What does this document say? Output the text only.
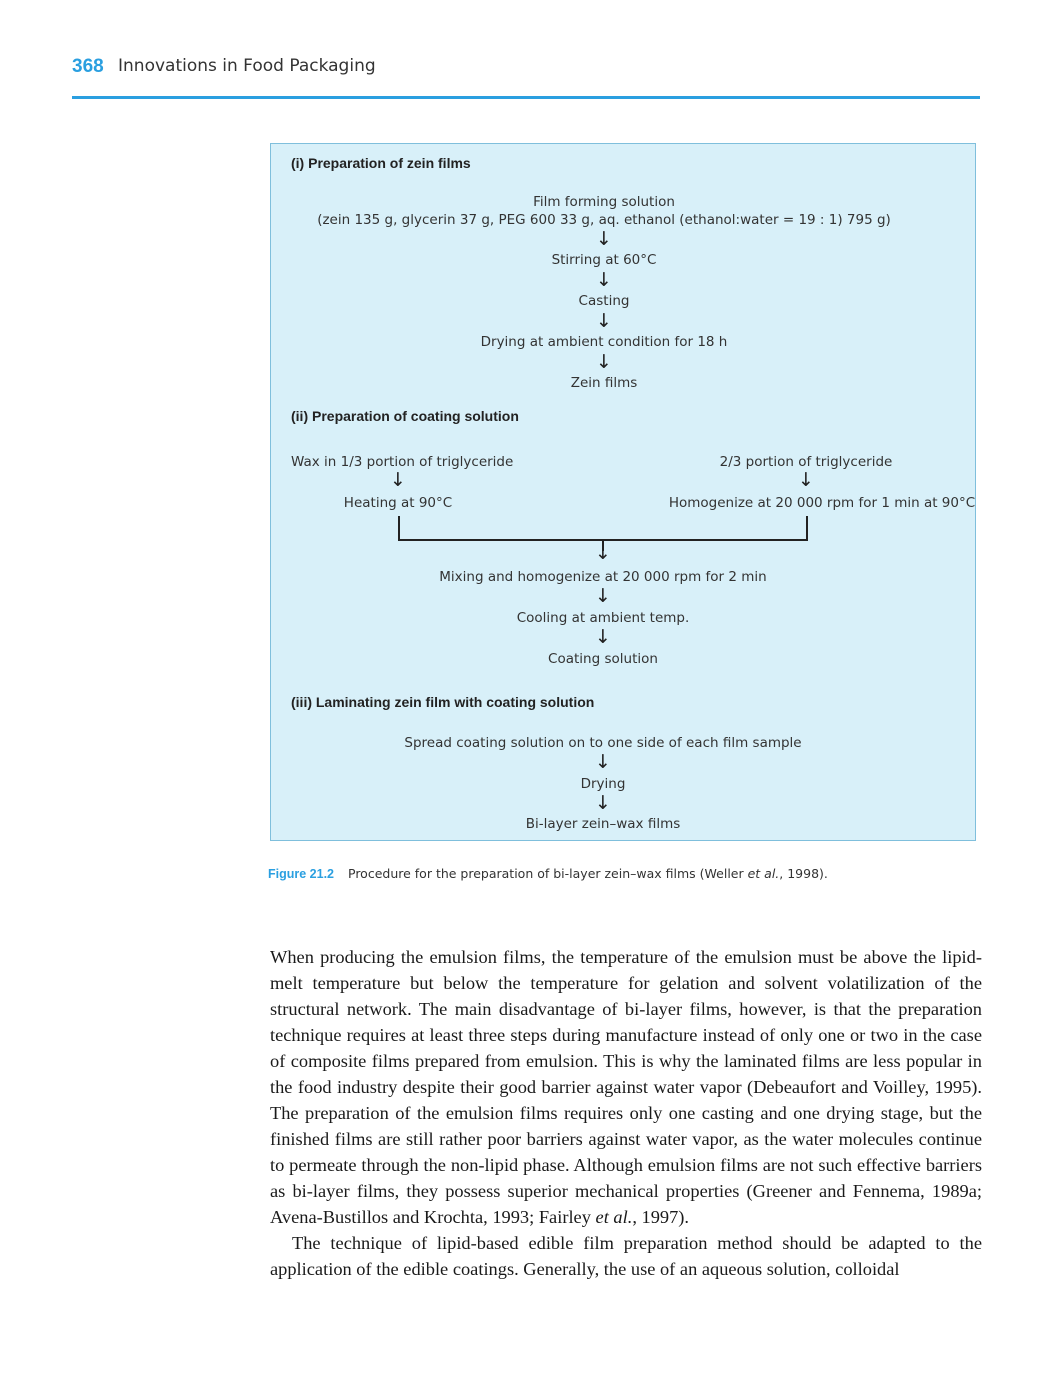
368 Innovations in Food Packaging
(i) Preparation of zein films
Film forming solution
(zein 135 g, glycerin 37 g, PEG 600 33 g, aq. ethanol (ethanol:water = 19 : 1) 795 g)
↓
Stirring at 60°C
↓
Casting
↓
Drying at ambient condition for 18 h
↓
Zein films
(ii) Preparation of coating solution
Wax in 1/3 portion of triglyceride
↓
Heating at 90°C
2/3 portion of triglyceride
↓
Homogenize at 20 000 rpm for 1 min at 90°C
↓
Mixing and homogenize at 20 000 rpm for 2 min
↓
Cooling at ambient temp.
↓
Coating solution
(iii) Laminating zein film with coating solution
Spread coating solution on to one side of each film sample
↓
Drying
↓
Bi-layer zein–wax films
Figure 21.2 Procedure for the preparation of bi-layer zein–wax films (Weller et al., 1998).

When producing the emulsion films, the temperature of the emulsion must be above the lipid-melt temperature but below the temperature for gelation and solvent volatilization of the structural network. The main disadvantage of bi-layer films, however, is that the preparation technique requires at least three steps during manufacture instead of only one or two in the case of composite films prepared from emulsion. This is why the laminated films are less popular in the food industry despite their good barrier against water vapor (Debeaufort and Voilley, 1995). The preparation of the emulsion films requires only one casting and one drying stage, but the finished films are still rather poor barriers against water vapor, as the water molecules continue to permeate through the non-lipid phase. Although emulsion films are not such effective barriers as bi-layer films, they possess superior mechanical properties (Greener and Fennema, 1989a; Avena-Bustillos and Krochta, 1993; Fairley et al., 1997).

The technique of lipid-based edible film preparation method should be adapted to the application of the edible coatings. Generally, the use of an aqueous solution, colloidal
